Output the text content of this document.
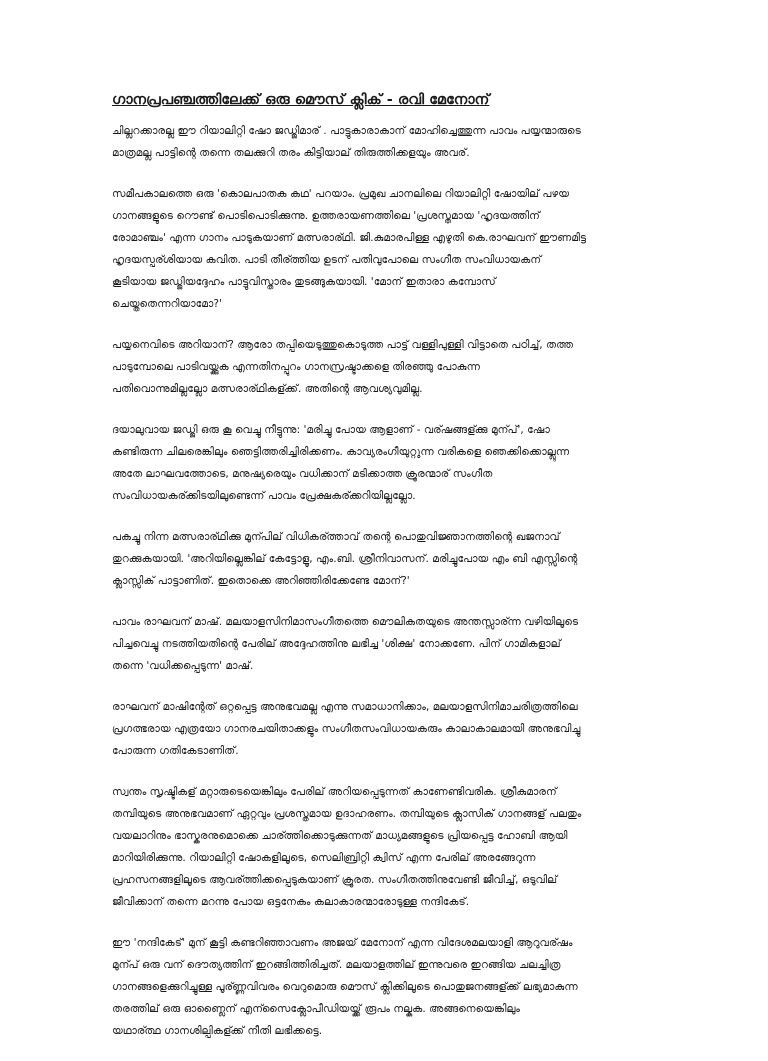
ഗാനപ്രപഞ്ചത്തിലേക്ക് ഒരു മൌസ് ക്ലിക് - രവി മേനോന്

ചില്ലറക്കാരല്ല ഈ റിയാലിറ്റി ഷോ ജഡ്ജിമാര് . പാട്ടുകാരാകാന് മോഹിച്ചെത്തുന്ന പാവം പയ്യന്മാരുടെ
മാത്രമല്ല പാട്ടിന്റെ തന്നെ തലക്കുറി തരം കിട്ടിയാല് തിരുത്തിക്കളയും അവര്.

സമീപകാലത്തെ ഒരു 'കൊലപാതക കഥ' പറയാം. പ്രമുഖ ചാനലിലെ റിയാലിറ്റി ഷോയില് പഴയ
ഗാനങ്ങളുടെ റൌണ്ട് പൊടിപൊടിക്കുന്നു. ഉത്തരായണത്തിലെ 'പ്രശസ്തമായ 'ഹൃദയത്തിന്
രോമാഞ്ചം' എന്ന ഗാനം പാടുകയാണ് മത്സരാര്ഥി. ജി.കുമാരപിള്ള എഴുതി കെ.രാഘവന് ഈണമിട്ട
ഹൃദയസ്പര്ശിയായ കവിത. പാടി തീര്ത്തിയ ഉടന് പതിവുപോലെ സംഗീത സംവിധായകന്
കൂടിയായ ജഡ്ജിയദ്ദേഹം പാട്ടുവിസ്താരം തുടങ്ങുകയായി. 'മോന് ഇതാരാ കമ്പോസ്
ചെയ്തതെന്നറിയാമോ?'

പയ്യനെവിടെ അറിയാന്? ആരോ തപ്പിയെടുത്തുകൊടുത്ത പാട്ട് വള്ളിപുള്ളി വിട്ടാതെ പഠിച്ച്, തത്ത
പാടുമ്പോലെ പാടിവയ്ക്കുക എന്നതിനപ്പുറം ഗാനസ്രഷ്ടാക്കളെ തിരഞ്ഞു പോകുന്ന
പതിവൊന്നുമില്ലല്ലോ മത്സരാര്ഥികള്ക്ക്. അതിന്റെ ആവശ്യവുമില്ല.

ദയാലുവായ ജഡ്ജി ഒരു കൂ വെച്ചു നീട്ടുന്നു: 'മരിച്ചു പോയ ആളാണ് - വര്ഷങ്ങള്ക്കു മുന്പ്', ഷോ
കണ്ടിരുന്ന ചിലരെങ്കിലും ഞെട്ടിത്തരിച്ചിരിക്കണം. കാവ്യരംഗീയുറ്റുന്ന വരികളെ ഞെക്കിക്കൊല്ലുന്ന
അതേ ലാഘവത്തോടെ, മനുഷ്യരെയും വധിക്കാന് മടിക്കാത്ത ക്രൂരന്മാര് സംഗീത
സംവിധായകര്ക്കിടയിലുണ്ടെന്ന് പാവം പ്രേക്ഷകര്ക്കറിയില്ലല്ലോ.

പകച്ചു നിന്ന മത്സരാര്ഥിക്കു മുന്പില് വിധികര്ത്താവ് തന്റെ പൊതുവിജ്ഞാനത്തിന്റെ ഖജനാവ്
തുറക്കുകയായി. 'അറിയില്ലെങ്കില് കേട്ടോളൂ, എം.ബി. ശ്രീനിവാസന്. മരിച്ചുപോയ എം ബി എസ്സിന്റെ
ക്ലാസ്സിക് പാട്ടാണിത്. ഇതൊക്കെ അറിഞ്ഞിരിക്കേണ്ടേ മോന്?'

പാവം രാഘവന് മാഷ്. മലയാളസിനിമാസംഗീതത്തെ മൌലികതയുടെ അന്തസ്സാര്ന്ന വഴിയിലൂടെ
പിച്ചവെച്ചു നടത്തിയതിന്റെ പേരില് അദ്ദേഹത്തിനു ലഭിച്ച 'ശിക്ഷ' നോക്കണേ. പിന് ഗാമികളാല്
തന്നെ 'വധിക്കപ്പെടുന്ന' മാഷ്.

രാഘവന് മാഷിന്റേത് ഒറ്റപ്പെട്ട അനുഭവമല്ല എന്നു സമാധാനിക്കാം, മലയാളസിനിമാചരിത്രത്തിലെ
പ്രഗത്ഭരായ എത്രയോ ഗാനരചയിതാക്കളും സംഗീതസംവിധായകരും കാലാകാലമായി അനുഭവിച്ചു
പോരുന്ന ഗതികേടാണിത്.

സ്വന്തം സൃഷ്ടികള് മറ്റാരുടെയെങ്കിലും പേരില് അറിയപ്പെടുന്നത് കാണേണ്ടിവരിക. ശ്രീകുമാരന്
തമ്പിയുടെ അനുഭവമാണ് ഏറ്റവും പ്രശസ്തമായ ഉദാഹരണം. തമ്പിയുടെ ക്ലാസിക് ഗാനങ്ങള് പലതും
വയലാറിനും ഭാസ്കരനുമൊക്കെ ചാര്ത്തിക്കൊടുക്കുന്നത് മാധ്യമങ്ങളുടെ പ്രിയപ്പെട്ട ഹോബി ആയി
മാറിയിരിക്കുന്നു. റിയാലിറ്റി ഷോകളിലൂടെ, സെലിബ്രിറ്റി ക്വിസ് എന്ന പേരില് അരങ്ങേറുന്ന
പ്രഹസനങ്ങളിലൂടെ ആവര്ത്തിക്കപ്പെടുകയാണ് ക്രൂരത. സംഗീതത്തിനുവേണ്ടി ജീവിച്ച്, ഒടുവില്
ജീവിക്കാന് തന്നെ മറന്നു പോയ ഒട്ടനേകം കലാകാരന്മാരോടുള്ള നന്ദികേട്.

ഈ 'നന്ദികേട്' മുന് കൂട്ടി കണ്ടറിഞ്ഞാവണം അജയ് മേനോന് എന്ന വിദേശമലയാളി ആറുവര്ഷം
മുന്പ് ഒരു വന് ദൌത്യത്തിന് ഇറങ്ങിത്തിരിച്ചത്. മലയാളത്തില് ഇന്നുവരെ ഇറങ്ങിയ ചലച്ചിത്ര
ഗാനങ്ങളെക്കുറിച്ചുള്ള പൂര്ണ്ണവിവരം വെറുമൊരു മൌസ് ക്ലിക്കിലൂടെ പൊതുജനങ്ങള്ക്ക് ലഭ്യമാകുന്ന
തരത്തില് ഒരു ഓണ്ലൈന് എന്സൈക്ലോപീഡിയയ്ക്ക് രൂപം നല്കുക. അങ്ങനെയെങ്കിലും
യഥാര്ത്ഥ ഗാനശില്പികള്ക്ക് നീതി ലഭിക്കട്ടെ.
